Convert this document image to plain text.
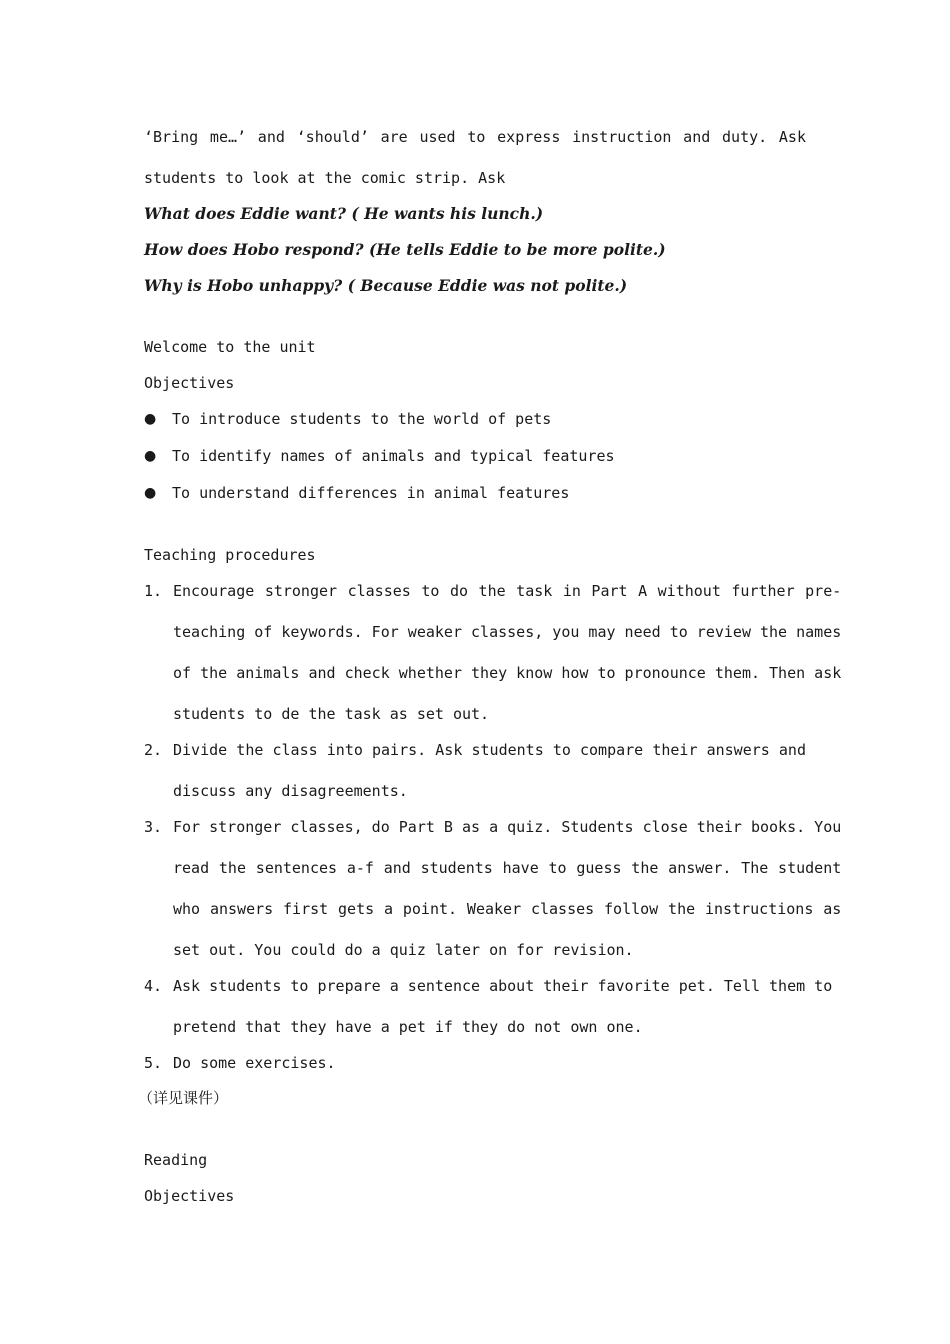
‘Bring me…’ and ‘should’ are used to express instruction and duty. Ask
students to look at the comic strip. Ask
What does Eddie want? ( He wants his lunch.)
How does Hobo respond? (He tells Eddie to be more polite.)
Why is Hobo unhappy? ( Because Eddie was not polite.)
Welcome to the unit
Objectives
●	To introduce students to the world of pets
●	To identify names of animals and typical features
●	To understand differences in animal features
Teaching procedures
1. Encourage stronger classes to do the task in Part A without further pre-
teaching of keywords. For weaker classes, you may need to review the names
of the animals and check whether they know how to pronounce them. Then ask
students to de the task as set out.
2. Divide the class into pairs. Ask students to compare their answers and
discuss any disagreements.
3. For stronger classes, do Part B as a quiz. Students close their books. You
read the sentences a-f and students have to guess the answer. The student
who answers first gets a point. Weaker classes follow the instructions as
set out. You could do a quiz later on for revision.
4. Ask students to prepare a sentence about their favorite pet. Tell them to
pretend that they have a pet if they do not own one.
5. Do some exercises.
（详见课件）
Reading
Objectives
